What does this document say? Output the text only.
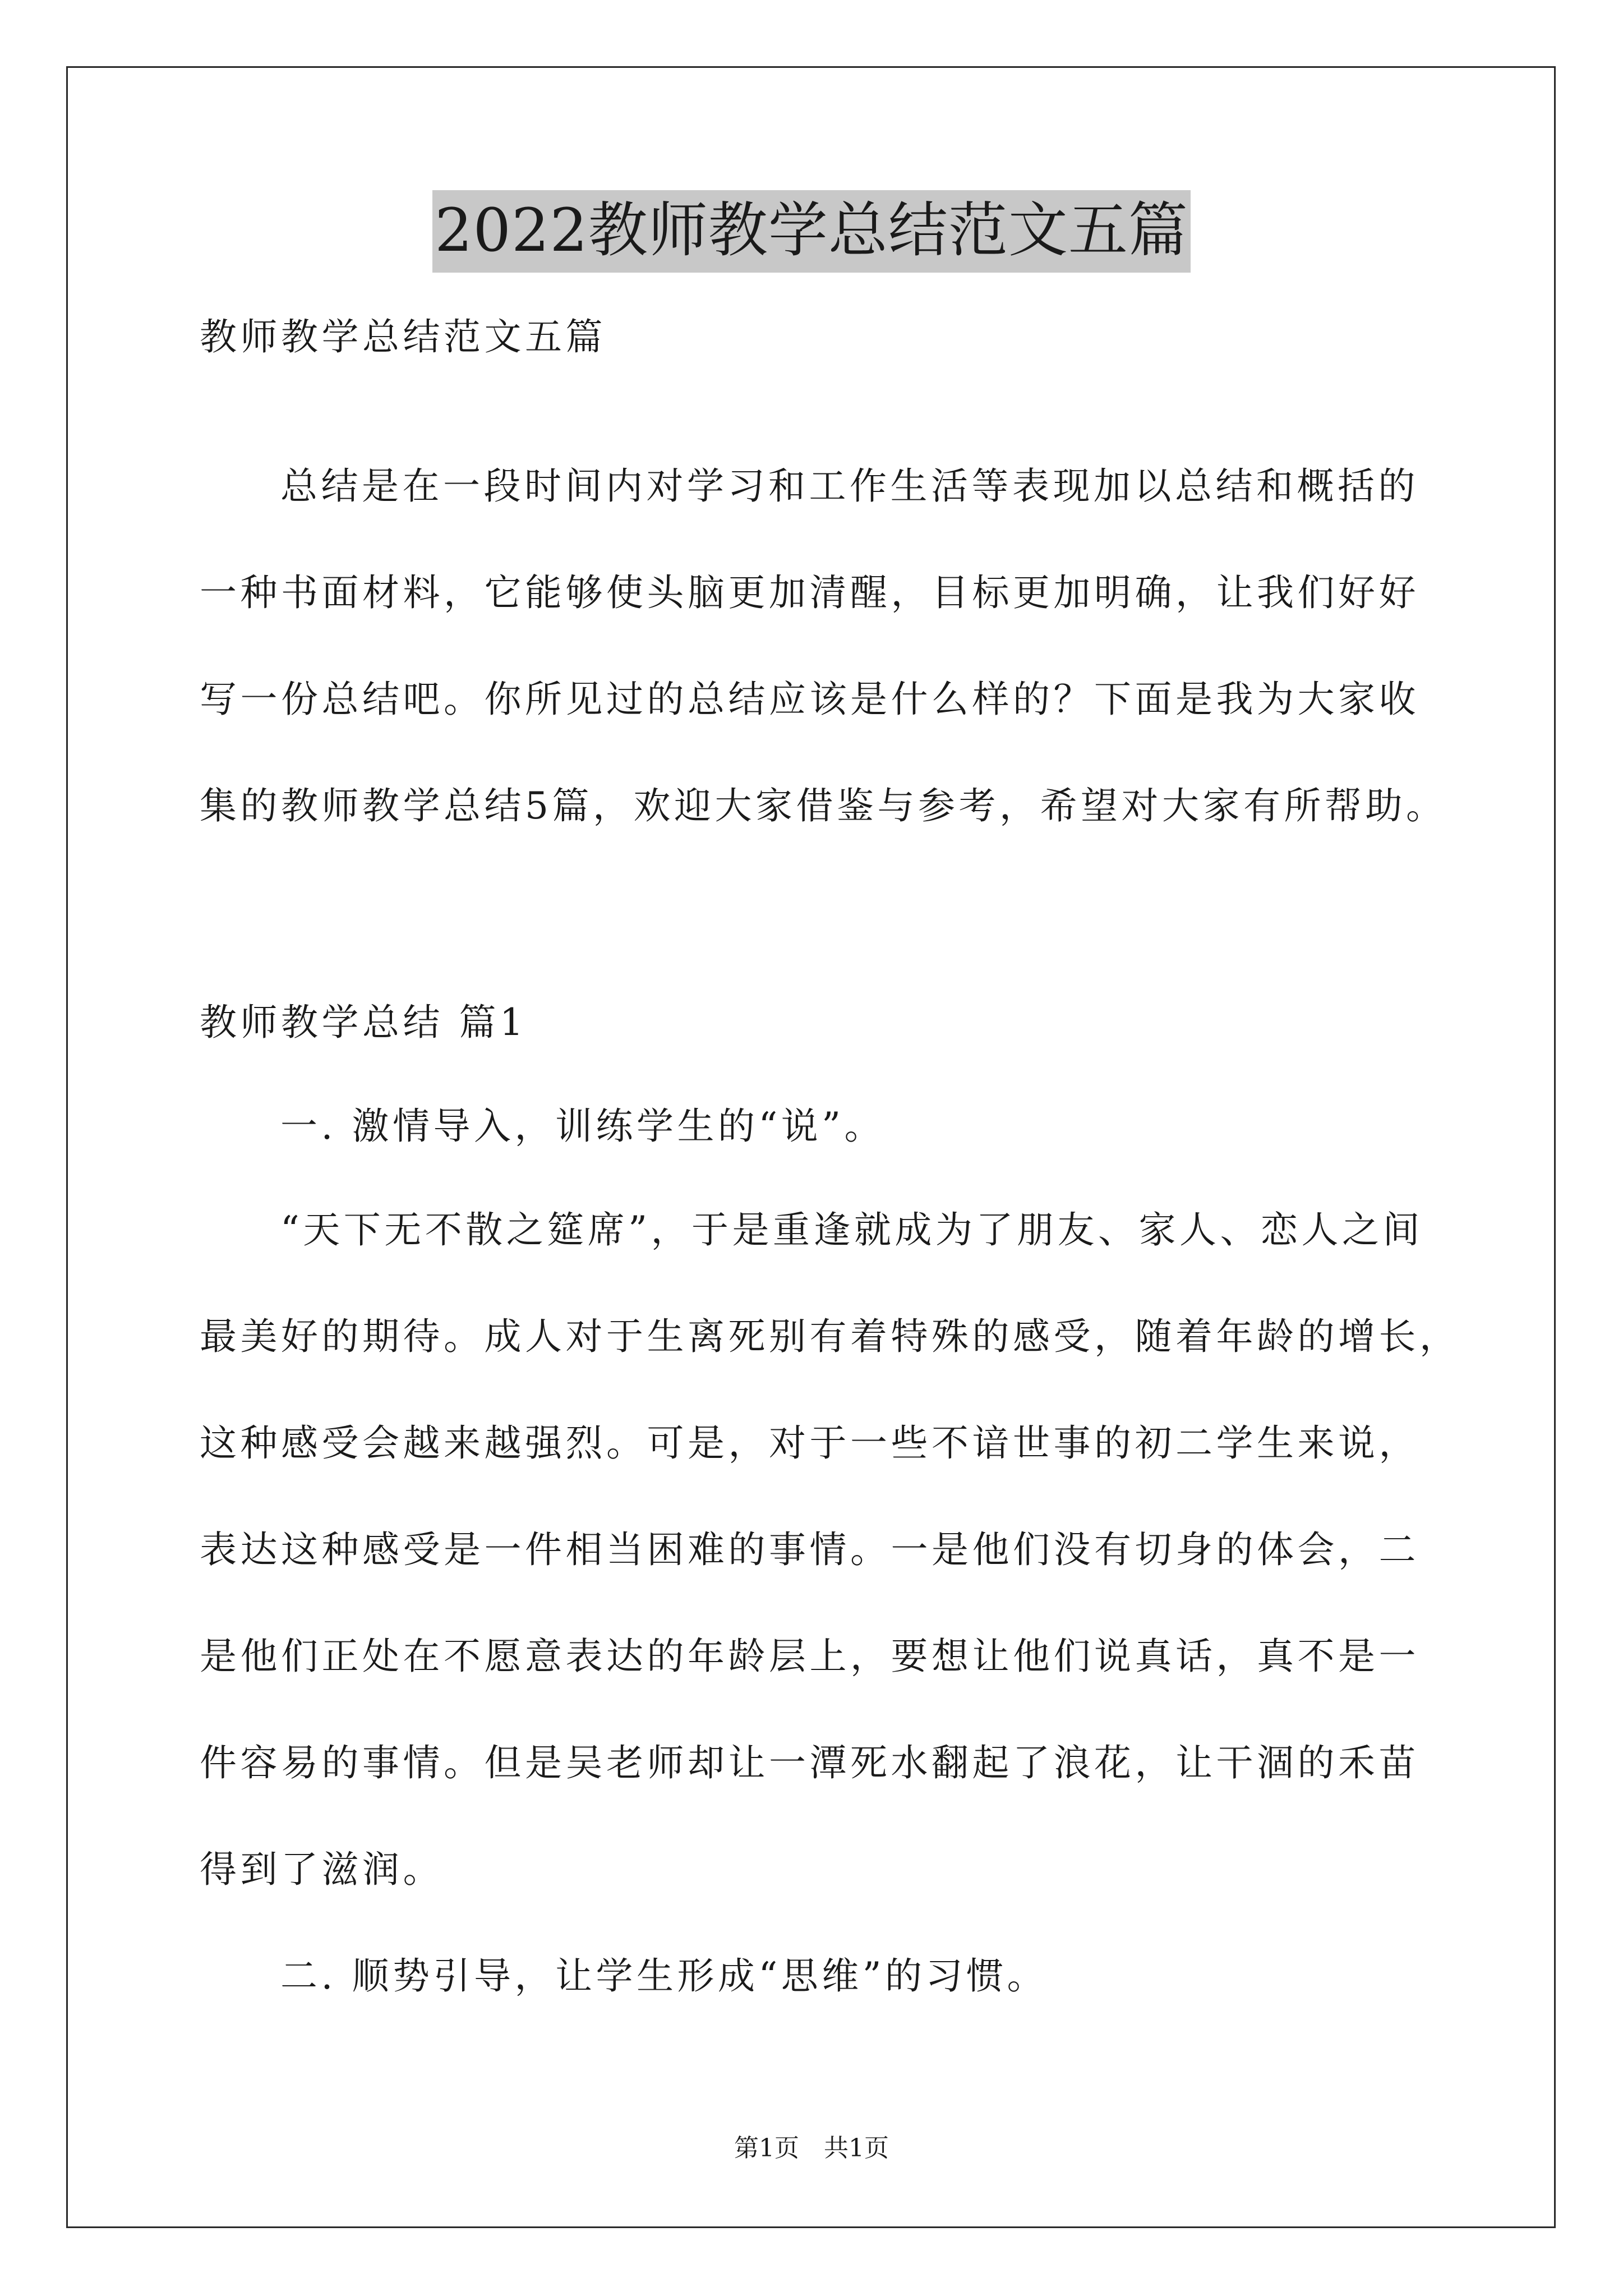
2022教师教学总结范文五篇

教师教学总结范文五篇

总结是在一段时间内对学习和工作生活等表现加以总结和概括的

一种书面材料，它能够使头脑更加清醒，目标更加明确，让我们好好

写一份总结吧。你所见过的总结应该是什么样的？下面是我为大家收

集的教师教学总结5篇，欢迎大家借鉴与参考，希望对大家有所帮助。

教师教学总结 篇1

一. 激情导入，训练学生的“说”。

“天下无不散之筵席”，于是重逢就成为了朋友、家人、恋人之间

最美好的期待。成人对于生离死别有着特殊的感受，随着年龄的增长，

这种感受会越来越强烈。可是，对于一些不谙世事的初二学生来说，

表达这种感受是一件相当困难的事情。一是他们没有切身的体会，二

是他们正处在不愿意表达的年龄层上，要想让他们说真话，真不是一

件容易的事情。但是吴老师却让一潭死水翻起了浪花，让干涸的禾苗

得到了滋润。

二. 顺势引导，让学生形成“思维”的习惯。

第1页　共1页
